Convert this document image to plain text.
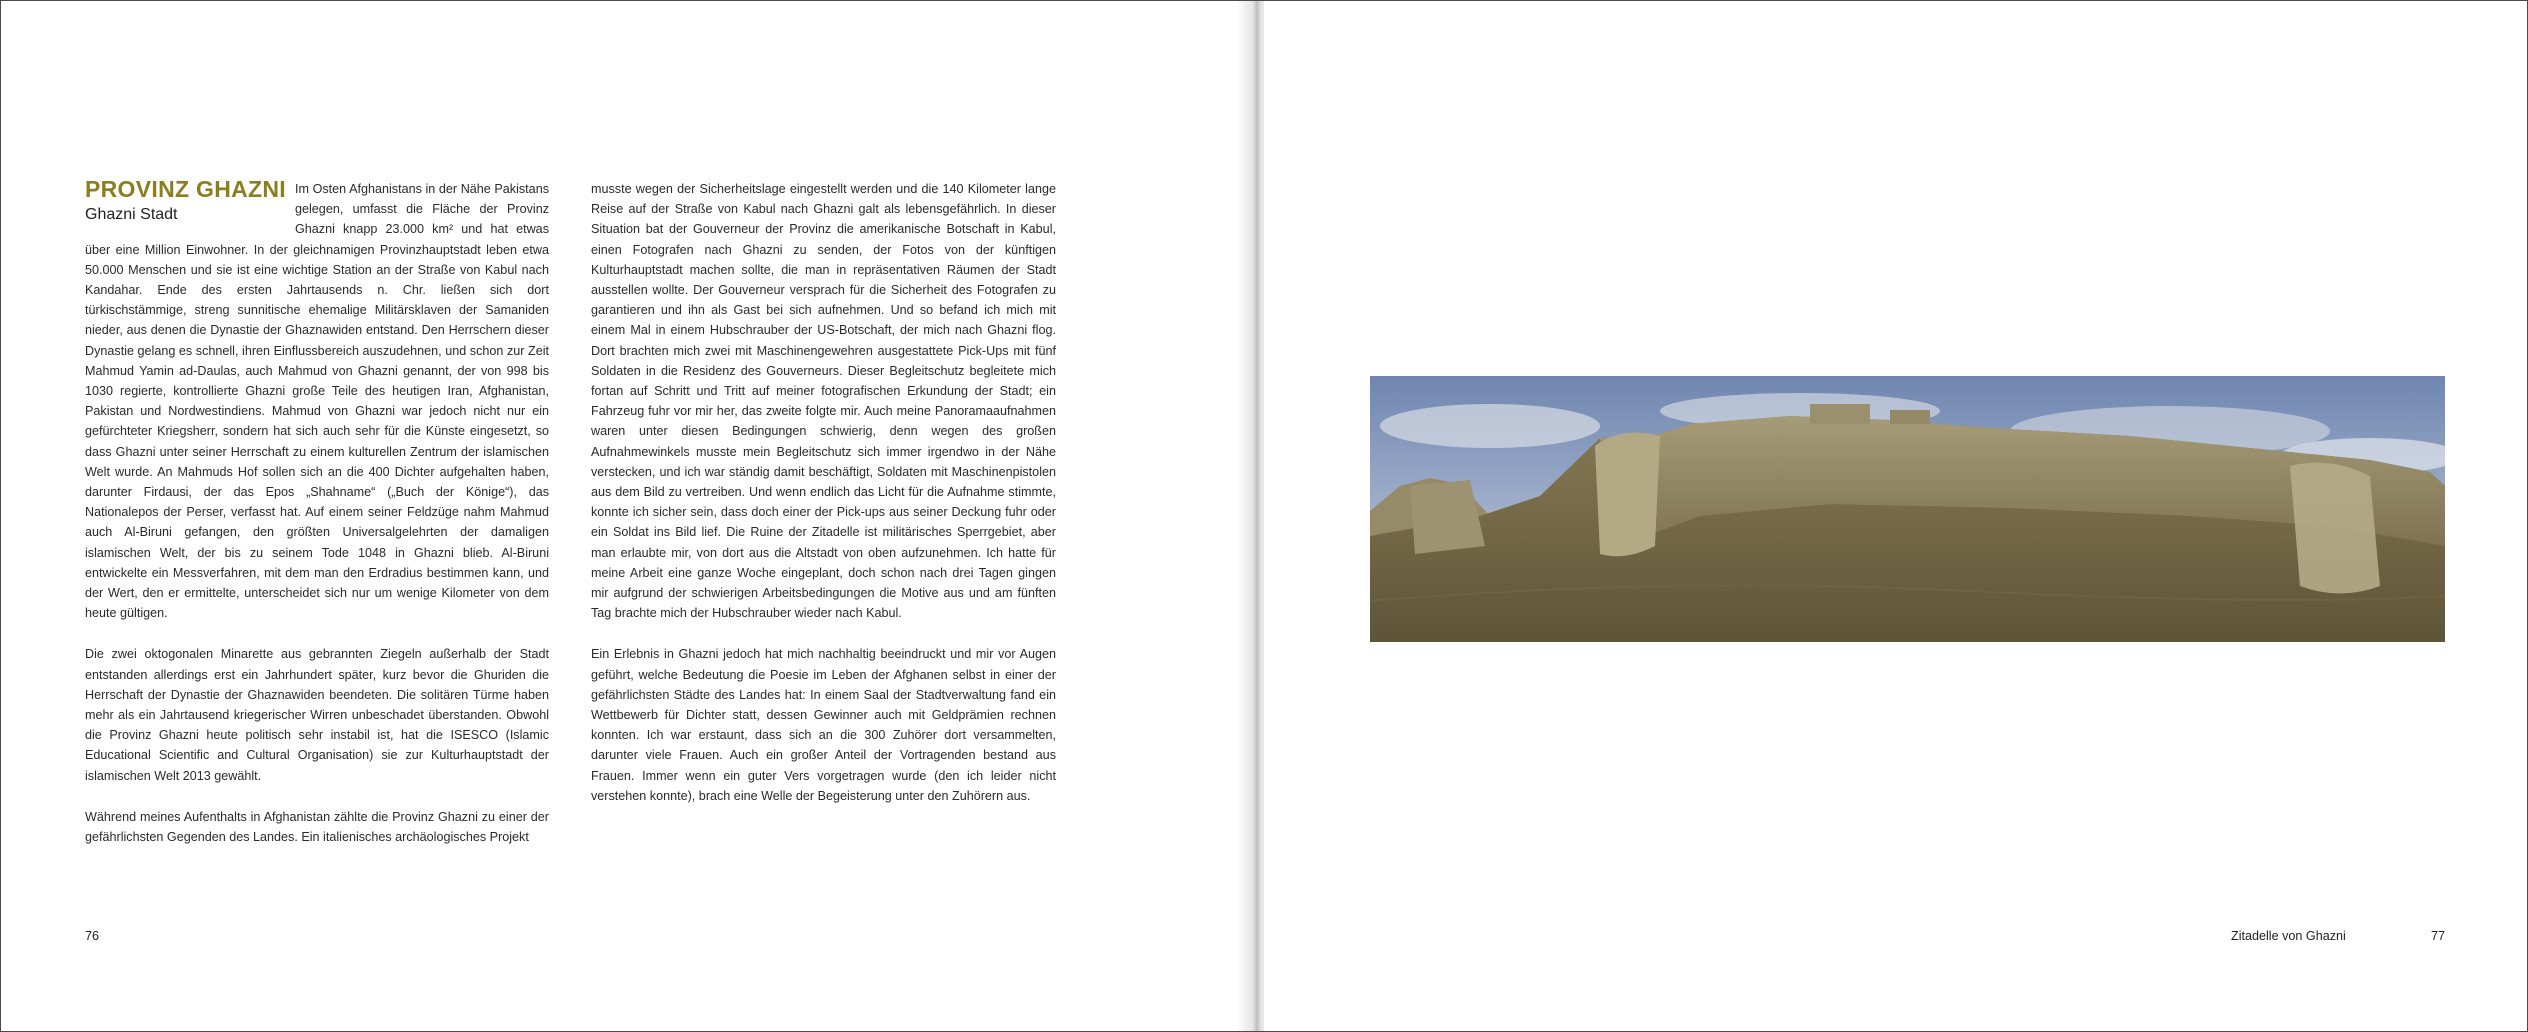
PROVINZ GHAZNI
Ghazni Stadt

Im Osten Afghanistans in der Nähe Pakistans gelegen, umfasst die Fläche der Provinz Ghazni knapp 23.000 km² und hat etwas über eine Million Einwohner. In der gleichnamigen Provinzhauptstadt leben etwa 50.000 Menschen und sie ist eine wichtige Station an der Straße von Kabul nach Kandahar. Ende des ersten Jahrtausends n. Chr. ließen sich dort türkischstämmige, streng sunnitische ehemalige Militärsklaven der Samaniden nieder, aus denen die Dynastie der Ghaznawiden entstand. Den Herrschern dieser Dynastie gelang es schnell, ihren Einflussbereich auszudehnen, und schon zur Zeit Mahmud Yamin ad-Daulas, auch Mahmud von Ghazni genannt, der von 998 bis 1030 regierte, kontrollierte Ghazni große Teile des heutigen Iran, Afghanistan, Pakistan und Nordwestindiens. Mahmud von Ghazni war jedoch nicht nur ein gefürchteter Kriegsherr, sondern hat sich auch sehr für die Künste eingesetzt, so dass Ghazni unter seiner Herrschaft zu einem kulturellen Zentrum der islamischen Welt wurde. An Mahmuds Hof sollen sich an die 400 Dichter aufgehalten haben, darunter Firdausi, der das Epos „Shahname“ („Buch der Könige“), das Nationalepos der Perser, verfasst hat. Auf einem seiner Feldzüge nahm Mahmud auch Al-Biruni gefangen, den größten Universalgelehrten der damaligen islamischen Welt, der bis zu seinem Tode 1048 in Ghazni blieb. Al-Biruni entwickelte ein Messverfahren, mit dem man den Erdradius bestimmen kann, und der Wert, den er ermittelte, unterscheidet sich nur um wenige Kilometer von dem heute gültigen.

Die zwei oktogonalen Minarette aus gebrannten Ziegeln außerhalb der Stadt entstanden allerdings erst ein Jahrhundert später, kurz bevor die Ghuriden die Herrschaft der Dynastie der Ghaznawiden beendeten. Die solitären Türme haben mehr als ein Jahrtausend kriegerischer Wirren unbeschadet überstanden. Obwohl die Provinz Ghazni heute politisch sehr instabil ist, hat die ISESCO (Islamic Educational Scientific and Cultural Organisation) sie zur Kulturhauptstadt der islamischen Welt 2013 gewählt.

Während meines Aufenthalts in Afghanistan zählte die Provinz Ghazni zu einer der gefährlichsten Gegenden des Landes. Ein italienisches archäologisches Projekt

musste wegen der Sicherheitslage eingestellt werden und die 140 Kilometer lange Reise auf der Straße von Kabul nach Ghazni galt als lebensgefährlich. In dieser Situation bat der Gouverneur der Provinz die amerikanische Botschaft in Kabul, einen Fotografen nach Ghazni zu senden, der Fotos von der künftigen Kulturhauptstadt machen sollte, die man in repräsentativen Räumen der Stadt ausstellen wollte. Der Gouverneur versprach für die Sicherheit des Fotografen zu garantieren und ihn als Gast bei sich aufnehmen. Und so befand ich mich mit einem Mal in einem Hubschrauber der US-Botschaft, der mich nach Ghazni flog. Dort brachten mich zwei mit Maschinengewehren ausgestattete Pick-Ups mit fünf Soldaten in die Residenz des Gouverneurs. Dieser Begleitschutz begleitete mich fortan auf Schritt und Tritt auf meiner fotografischen Erkundung der Stadt; ein Fahrzeug fuhr vor mir her, das zweite folgte mir. Auch meine Panoramaaufnahmen waren unter diesen Bedingungen schwierig, denn wegen des großen Aufnahmewinkels musste mein Begleitschutz sich immer irgendwo in der Nähe verstecken, und ich war ständig damit beschäftigt, Soldaten mit Maschinenpistolen aus dem Bild zu vertreiben. Und wenn endlich das Licht für die Aufnahme stimmte, konnte ich sicher sein, dass doch einer der Pick-ups aus seiner Deckung fuhr oder ein Soldat ins Bild lief. Die Ruine der Zitadelle ist militärisches Sperrgebiet, aber man erlaubte mir, von dort aus die Altstadt von oben aufzunehmen. Ich hatte für meine Arbeit eine ganze Woche eingeplant, doch schon nach drei Tagen gingen mir aufgrund der schwierigen Arbeitsbedingungen die Motive aus und am fünften Tag brachte mich der Hubschrauber wieder nach Kabul.

Ein Erlebnis in Ghazni jedoch hat mich nachhaltig beeindruckt und mir vor Augen geführt, welche Bedeutung die Poesie im Leben der Afghanen selbst in einer der gefährlichsten Städte des Landes hat: In einem Saal der Stadtverwaltung fand ein Wettbewerb für Dichter statt, dessen Gewinner auch mit Geldprämien rechnen konnten. Ich war erstaunt, dass sich an die 300 Zuhörer dort versammelten, darunter viele Frauen. Auch ein großer Anteil der Vortragenden bestand aus Frauen. Immer wenn ein guter Vers vorgetragen wurde (den ich leider nicht verstehen konnte), brach eine Welle der Begeisterung unter den Zuhörern aus.

76	Zitadelle von Ghazni	77
